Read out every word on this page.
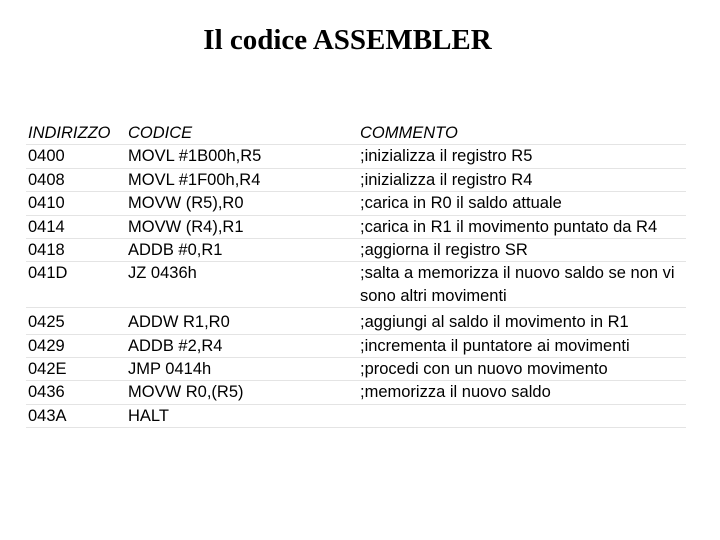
Il codice ASSEMBLER
INDIRIZZO CODICE	COMMENTO
0400	MOVL #1B00h,R5	;inizializza il registro R5
0408	MOVL #1F00h,R4	;inizializza il registro R4
0410	MOVW (R5),R0	;carica in R0 il saldo attuale
0414	MOVW (R4),R1	;carica in R1 il movimento puntato da R4
0418	ADDB #0,R1	;aggiorna il registro SR
041D	JZ 0436h	;salta a memorizza il nuovo saldo se non vi
sono altri movimenti
0425	ADDW R1,R0	;aggiungi al saldo il movimento in R1
0429	ADDB #2,R4	;incrementa il puntatore ai movimenti
042E	JMP 0414h	;procedi con un nuovo movimento
0436	MOVW R0,(R5)	;memorizza il nuovo saldo
043A	HALT
